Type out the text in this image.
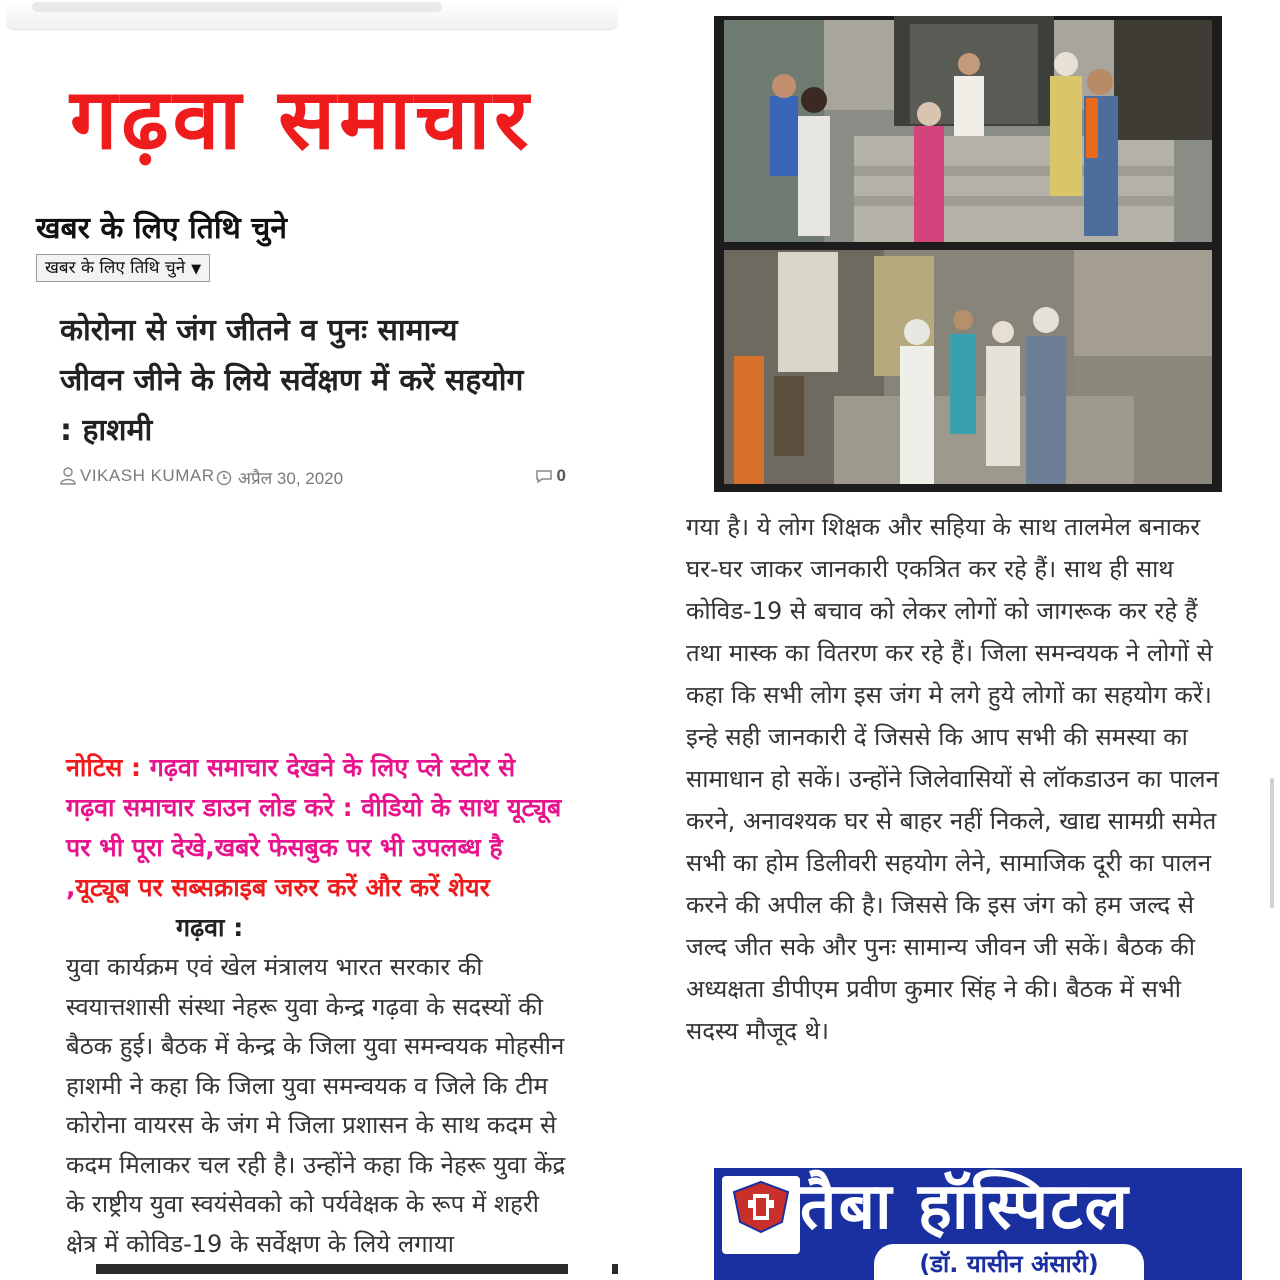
गढ़वा समाचार
खबर के लिए तिथि चुने
खबर के लिए तिथि चुने ▼
कोरोना से जंग जीतने व पुनः सामान्य जीवन जीने के लिये सर्वेक्षण में करें सहयोग : हाशमी
VIKASH KUMAR अप्रैल 30, 2020	0
नोटिस : गढ़वा समाचार देखने के लिए प्ले स्टोर से गढ़वा समाचार डाउन लोड करे : वीडियो के साथ यूट्यूब पर भी पूरा देखे,खबरे फेसबुक पर भी उपलब्ध है ,यूट्यूब पर सब्सक्राइब जरुर करें और करें शेयरगढ़वा :
युवा कार्यक्रम एवं खेल मंत्रालय भारत सरकार की स्वयात्तशासी संस्था नेहरू युवा केन्द्र गढ़वा के सदस्यों की बैठक हुई। बैठक में केन्द्र के जिला युवा समन्वयक मोहसीन हाशमी ने कहा कि जिला युवा समन्वयक व जिले कि टीम कोरोना वायरस के जंग मे जिला प्रशासन के साथ कदम से कदम मिलाकर चल रही है। उन्होंने कहा कि नेहरू युवा केंद्र के राष्ट्रीय युवा स्वयंसेवको को पर्यवेक्षक के रूप में शहरी क्षेत्र में कोविड-19 के सर्वेक्षण के लिये लगाया
गया है। ये लोग शिक्षक और सहिया के साथ तालमेल बनाकर घर-घर जाकर जानकारी एकत्रित कर रहे हैं। साथ ही साथ कोविड-19 से बचाव को लेकर लोगों को जागरूक कर रहे हैं तथा मास्क का वितरण कर रहे हैं। जिला समन्वयक ने लोगों से कहा कि सभी लोग इस जंग मे लगे हुये लोगों का सहयोग करें। इन्हे सही जानकारी दें जिससे कि आप सभी की समस्या का सामाधान हो सकें। उन्होंने जिलेवासियों से लॉकडाउन का पालन करने, अनावश्यक घर से बाहर नहीं निकले, खाद्य सामग्री समेत सभी का होम डिलीवरी सहयोग लेने, सामाजिक दूरी का पालन करने की अपील की है। जिससे कि इस जंग को हम जल्द से जल्द जीत सके और पुनः सामान्य जीवन जी सकें। बैठक की अध्यक्षता डीपीएम प्रवीण कुमार सिंह ने की। बैठक में सभी सदस्य मौजूद थे।
तैबा हॉस्पिटल
(डॉ. यासीन अंसारी)
